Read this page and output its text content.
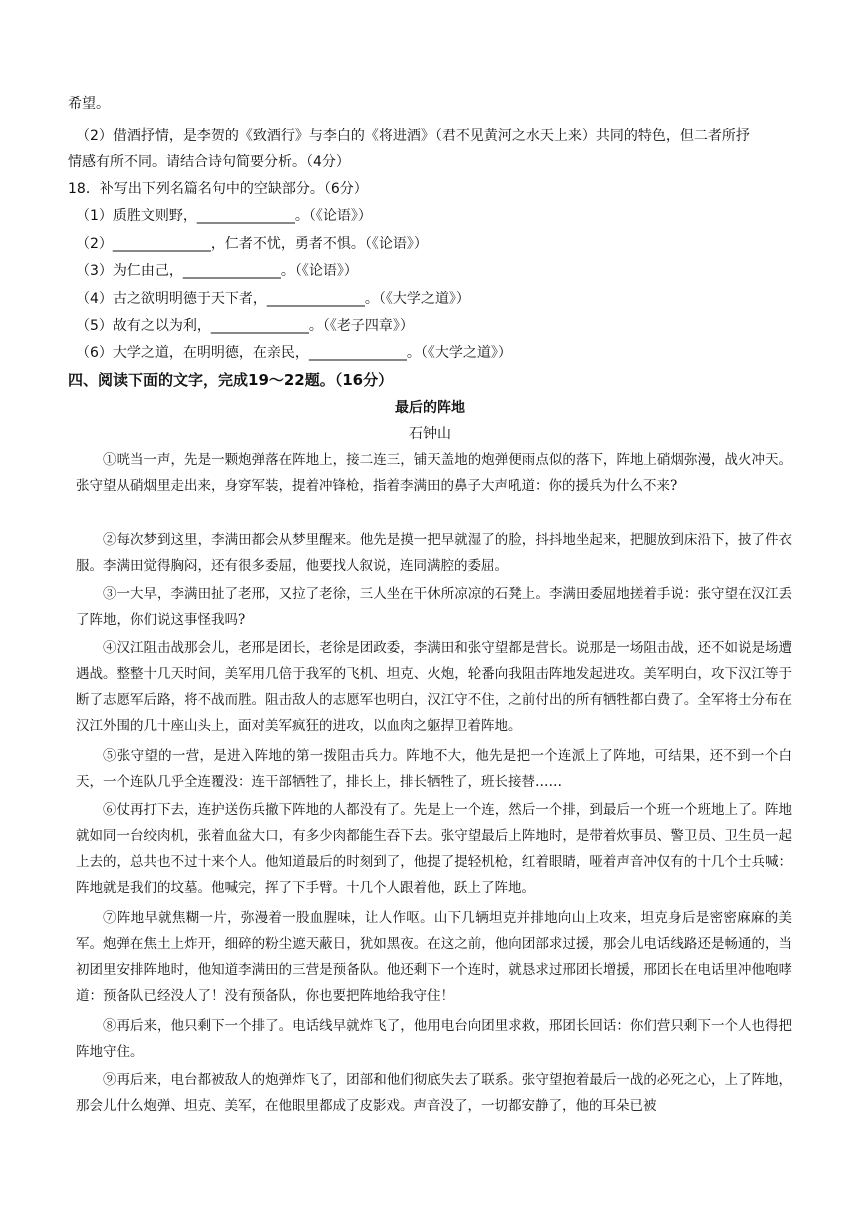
希望。
（2）借酒抒情，是李贺的《致酒行》与李白的《将进酒》（君不见黄河之水天上来）共同的特色，但二者所抒
情感有所不同。请结合诗句简要分析。（4分）
18．补写出下列名篇名句中的空缺部分。（6分）
（1）质胜文则野，______________。（《论语》）
（2）______________，仁者不忧，勇者不惧。（《论语》）
（3）为仁由己，______________。（《论语》）
（4）古之欲明明德于天下者，______________。（《大学之道》）
（5）故有之以为利，______________。（《老子四章》）
（6）大学之道，在明明德，在亲民，______________。（《大学之道》）
四、阅读下面的文字，完成19～22题。（16分）
最后的阵地
石钟山

①咣当一声，先是一颗炮弹落在阵地上，接二连三，铺天盖地的炮弹便雨点似的落下，阵地上硝烟弥漫，战火冲天。张守望从硝烟里走出来，身穿军装，提着冲锋枪，指着李满田的鼻子大声吼道：你的援兵为什么不来?

②每次梦到这里，李满田都会从梦里醒来。他先是摸一把早就湿了的脸，抖抖地坐起来，把腿放到床沿下，披了件衣服。李满田觉得胸闷，还有很多委屈，他要找人叙说，连同满腔的委屈。

③一大早，李满田扯了老邢，又拉了老徐，三人坐在干休所凉凉的石凳上。李满田委屈地搓着手说：张守望在汉江丢了阵地，你们说这事怪我吗?

④汉江阻击战那会儿，老邢是团长，老徐是团政委，李满田和张守望都是营长。说那是一场阻击战，还不如说是场遭遇战。整整十几天时间，美军用几倍于我军的飞机、坦克、火炮，轮番向我阻击阵地发起进攻。美军明白，攻下汉江等于断了志愿军后路，将不战而胜。阻击敌人的志愿军也明白，汉江守不住，之前付出的所有牺牲都白费了。全军将士分布在汉江外围的几十座山头上，面对美军疯狂的进攻，以血肉之躯捍卫着阵地。

⑤张守望的一营，是进入阵地的第一拨阻击兵力。阵地不大，他先是把一个连派上了阵地，可结果，还不到一个白天，一个连队几乎全连覆没：连干部牺牲了，排长上，排长牺牲了，班长接替……

⑥仗再打下去，连护送伤兵撤下阵地的人都没有了。先是上一个连，然后一个排，到最后一个班一个班地上了。阵地就如同一台绞肉机，张着血盆大口，有多少肉都能生吞下去。张守望最后上阵地时，是带着炊事员、警卫员、卫生员一起上去的，总共也不过十来个人。他知道最后的时刻到了，他提了提轻机枪，红着眼睛，哑着声音冲仅有的十几个士兵喊：阵地就是我们的坟墓。他喊完，挥了下手臂。十几个人跟着他，跃上了阵地。

⑦阵地早就焦糊一片，弥漫着一股血腥味，让人作呕。山下几辆坦克并排地向山上攻来，坦克身后是密密麻麻的美军。炮弹在焦土上炸开，细碎的粉尘遮天蔽日，犹如黑夜。在这之前，他向团部求过援，那会儿电话线路还是畅通的，当初团里安排阵地时，他知道李满田的三营是预备队。他还剩下一个连时，就恳求过邢团长增援，邢团长在电话里冲他咆哮道：预备队已经没人了！没有预备队，你也要把阵地给我守住！

⑧再后来，他只剩下一个排了。电话线早就炸飞了，他用电台向团里求救，邢团长回话：你们营只剩下一个人也得把阵地守住。

⑨再后来，电台都被敌人的炮弹炸飞了，团部和他们彻底失去了联系。张守望抱着最后一战的必死之心，上了阵地，那会儿什么炮弹、坦克、美军，在他眼里都成了皮影戏。声音没了，一切都安静了，他的耳朵已被
